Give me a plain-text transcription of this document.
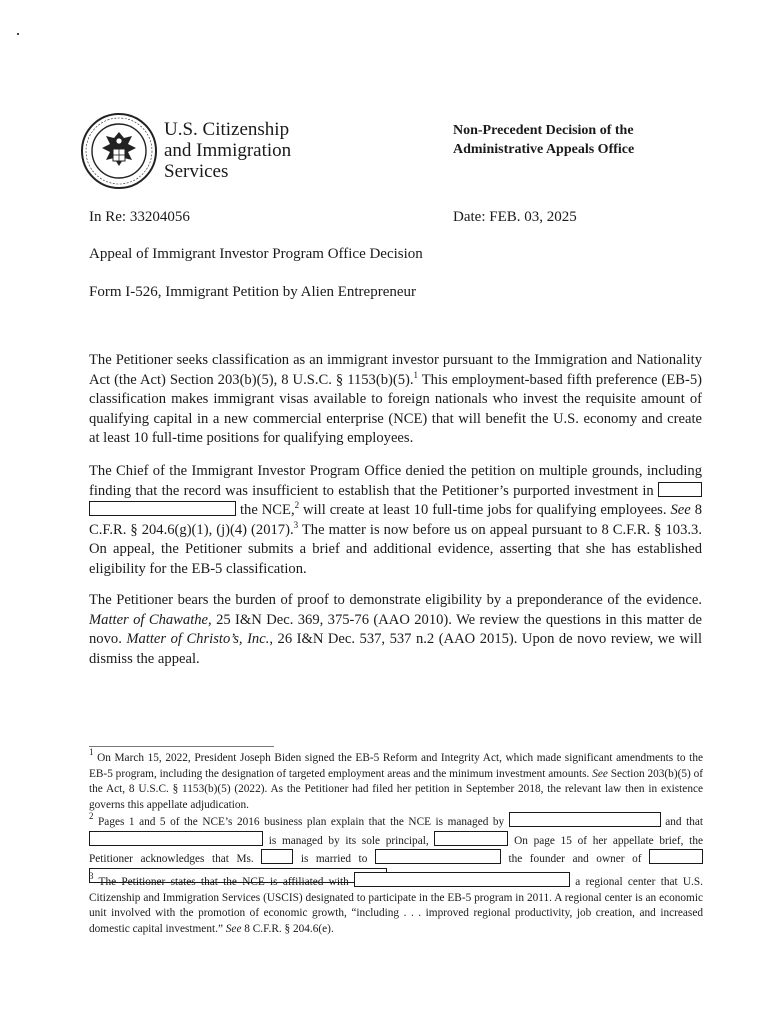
U.S. Citizenship
and Immigration
Services
Non-Precedent Decision of the
Administrative Appeals Office
In Re: 33204056	Date: FEB. 03, 2025
Appeal of Immigrant Investor Program Office Decision
Form I-526, Immigrant Petition by Alien Entrepreneur

The Petitioner seeks classification as an immigrant investor pursuant to the Immigration and Nationality Act (the Act) Section 203(b)(5), 8 U.S.C. § 1153(b)(5).$^1$ This employment-based fifth preference (EB-5) classification makes immigrant visas available to foreign nationals who invest the requisite amount of qualifying capital in a new commercial enterprise (NCE) that will benefit the U.S. economy and create at least 10 full-time positions for qualifying employees.

The Chief of the Immigrant Investor Program Office denied the petition on multiple grounds, including finding that the record was insufficient to establish that the Petitioner’s purported investment in   the NCE,$^2$ will create at least 10 full-time jobs for qualifying employees. See 8 C.F.R. § 204.6(g)(1), (j)(4) (2017).$^3$ The matter is now before us on appeal pursuant to 8 C.F.R. § 103.3. On appeal, the Petitioner submits a brief and additional evidence, asserting that she has established eligibility for the EB-5 classification.

The Petitioner bears the burden of proof to demonstrate eligibility by a preponderance of the evidence. Matter of Chawathe, 25 I&N Dec. 369, 375-76 (AAO 2010). We review the questions in this matter de novo. Matter of Christo’s, Inc., 26 I&N Dec. 537, 537 n.2 (AAO 2015). Upon de novo review, we will dismiss the appeal.

$^1$ On March 15, 2022, President Joseph Biden signed the EB-5 Reform and Integrity Act, which made significant amendments to the EB-5 program, including the designation of targeted employment areas and the minimum investment amounts. See Section 203(b)(5) of the Act, 8 U.S.C. § 1153(b)(5) (2022). As the Petitioner had filed her petition in September 2018, the relevant law then in existence governs this appellate adjudication.

$^2$ Pages 1 and 5 of the NCE’s 2016 business plan explain that the NCE is managed by	and that  is managed by its sole principal,	On page 15 of her appellate brief, the Petitioner acknowledges that Ms.	is married to	the founder and owner of

$^3$ The Petitioner states that the NCE is affiliated with	a regional center that U.S. Citizenship and Immigration Services (USCIS) designated to participate in the EB-5 program in 2011. A regional center is an economic unit involved with the promotion of economic growth, “including . . . improved regional productivity, job creation, and increased domestic capital investment.” See 8 C.F.R. § 204.6(e).
